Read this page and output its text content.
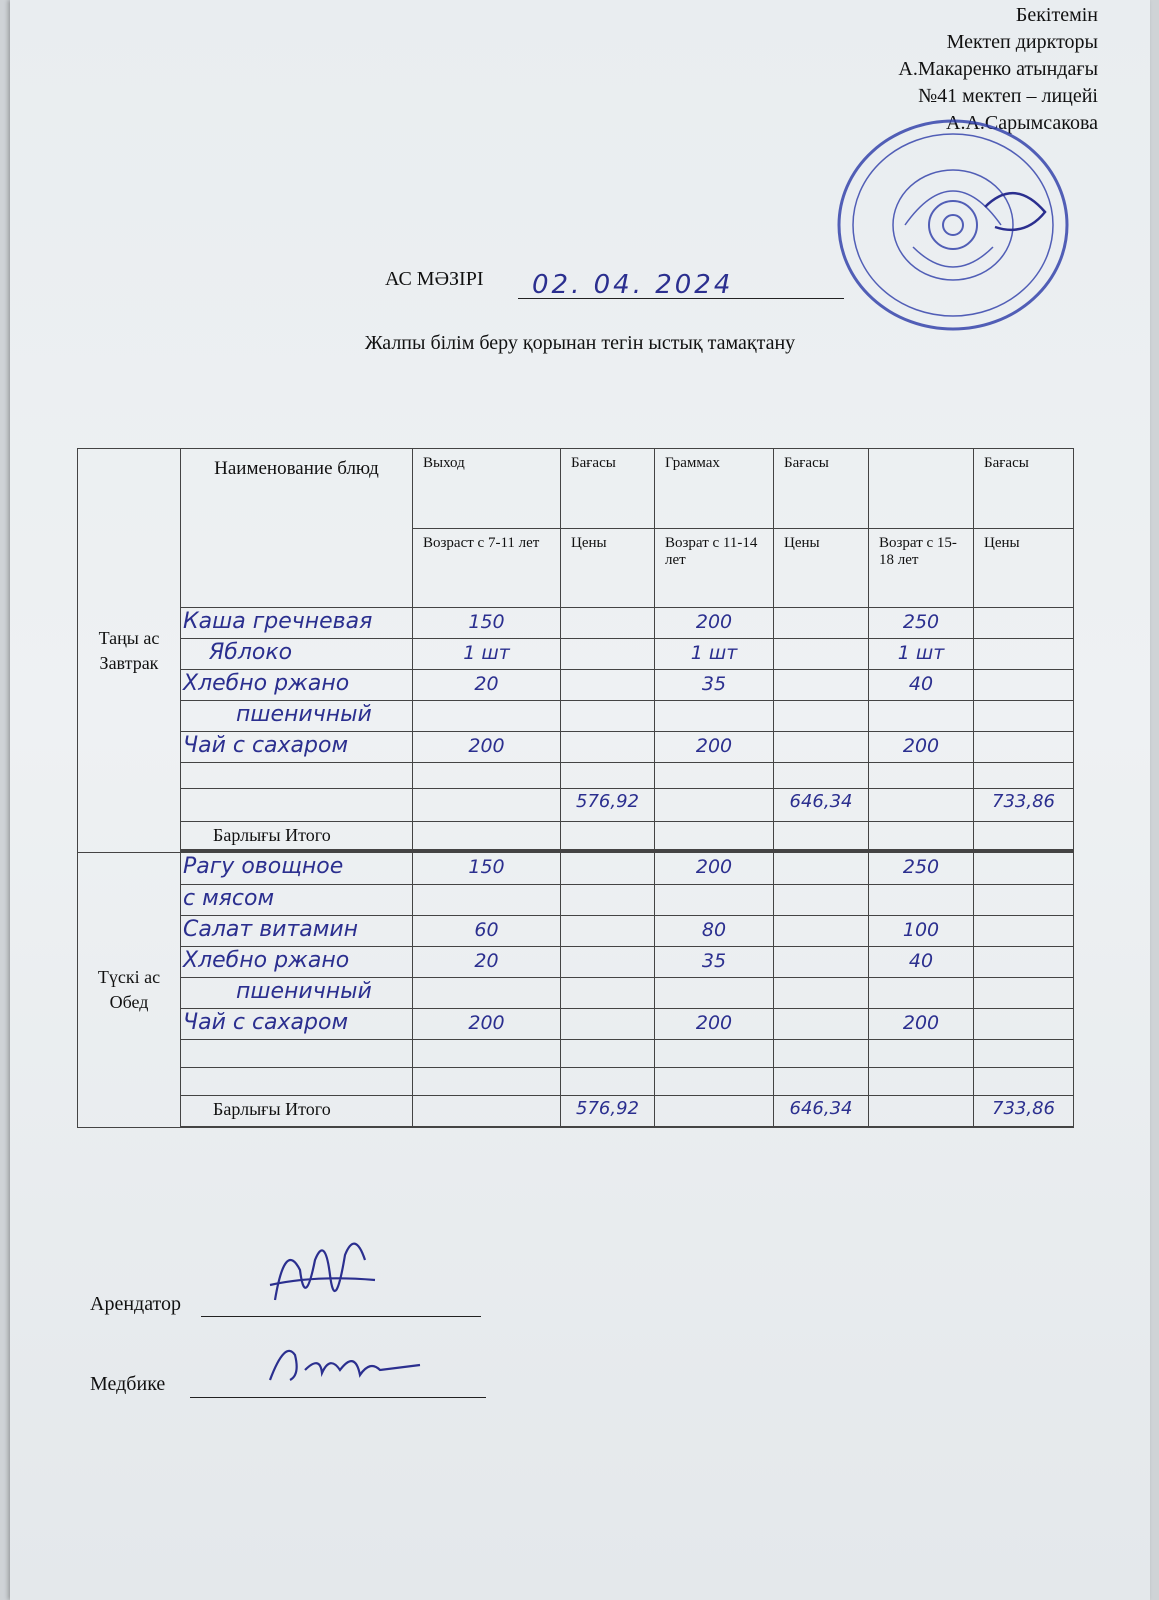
Бекітемін
Мектеп дирктоpы
А.Макаренко атындағы
№41 мектеп – лицейі
А.А.Сарымсакова
АС МӘЗІРІ 02. 04. 2024
Жалпы білім беру қорынан тегін ыстық тамақтану
Таңы ас Завтрак	Наименование блюд	Выход	Бағасы	Граммах	Бағасы		Бағасы
		Возраст с 7-11 лет	Цены	Возрат с 11-14 лет	Цены	Возрат с 15-18 лет	Цены
	Каша гречневая	150		200		250	
	Яблоко	1 шт		1 шт		1 шт	
	Хлебно ржано	20		35		40	
	пшеничный						
	Чай с сахаром	200		200		200	

			576,92		646,34		733,86
	Барлығы Итого						

Түскі ас Обед	Рагу овощное	150		200		250	
	с мясом						
	Салат витамин	60		80		100	
	Хлебно ржано	20		35		40	
	пшеничный						
	Чай с сахаром	200		200		200	

	Барлығы Итого		576,92		646,34		733,86

Арендатор
Медбике
